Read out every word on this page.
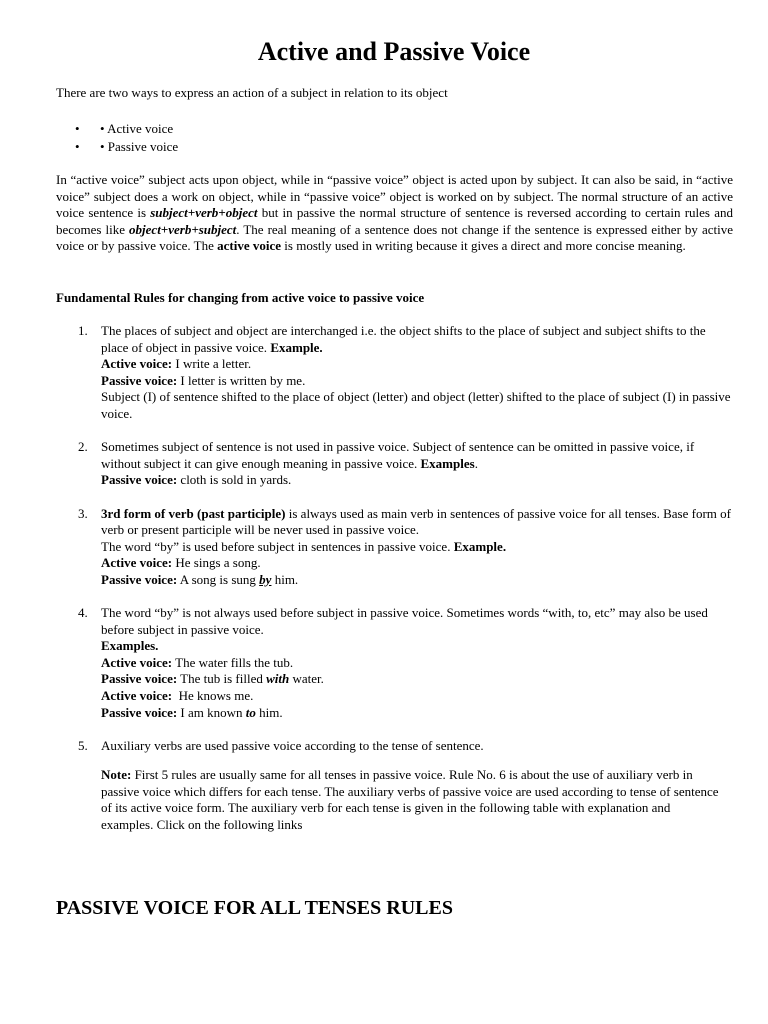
Active and Passive Voice

There are two ways to express an action of a subject in relation to its object

• • Active voice
• • Passive voice

In “active voice” subject acts upon object, while in “passive voice” object is acted upon by subject. It can also be said, in “active voice” subject does a work on object, while in “passive voice” object is worked on by subject. The normal structure of an active voice sentence is subject+verb+object but in passive the normal structure of sentence is reversed according to certain rules and becomes like object+verb+subject. The real meaning of a sentence does not change if the sentence is expressed either by active voice or by passive voice. The active voice is mostly used in writing because it gives a direct and more concise meaning.

Fundamental Rules for changing from active voice to passive voice

1. The places of subject and object are interchanged i.e. the object shifts to the place of subject and subject shifts to the place of object in passive voice. Example.
Active voice: I write a letter.
Passive voice: I letter is written by me.
Subject (I) of sentence shifted to the place of object (letter) and object (letter) shifted to the place of subject (I) in passive voice.
2. Sometimes subject of sentence is not used in passive voice. Subject of sentence can be omitted in passive voice, if without subject it can give enough meaning in passive voice. Examples.
Passive voice: cloth is sold in yards.
3. 3rd form of verb (past participle) is always used as main verb in sentences of passive voice for all tenses. Base form of verb or present participle will be never used in passive voice.
The word “by” is used before subject in sentences in passive voice. Example.
Active voice: He sings a song.
Passive voice: A song is sung by him.
4. The word “by” is not always used before subject in passive voice. Sometimes words “with, to, etc” may also be used before subject in passive voice.
Examples.
Active voice: The water fills the tub.
Passive voice: The tub is filled with water.
Active voice:  He knows me.
Passive voice: I am known to him.
5. Auxiliary verbs are used passive voice according to the tense of sentence.

Note: First 5 rules are usually same for all tenses in passive voice. Rule No. 6 is about the use of auxiliary verb in passive voice which differs for each tense. The auxiliary verbs of passive voice are used according to tense of sentence of its active voice form. The auxiliary verb for each tense is given in the following table with explanation and examples. Click on the following links

PASSIVE VOICE FOR ALL TENSES RULES
